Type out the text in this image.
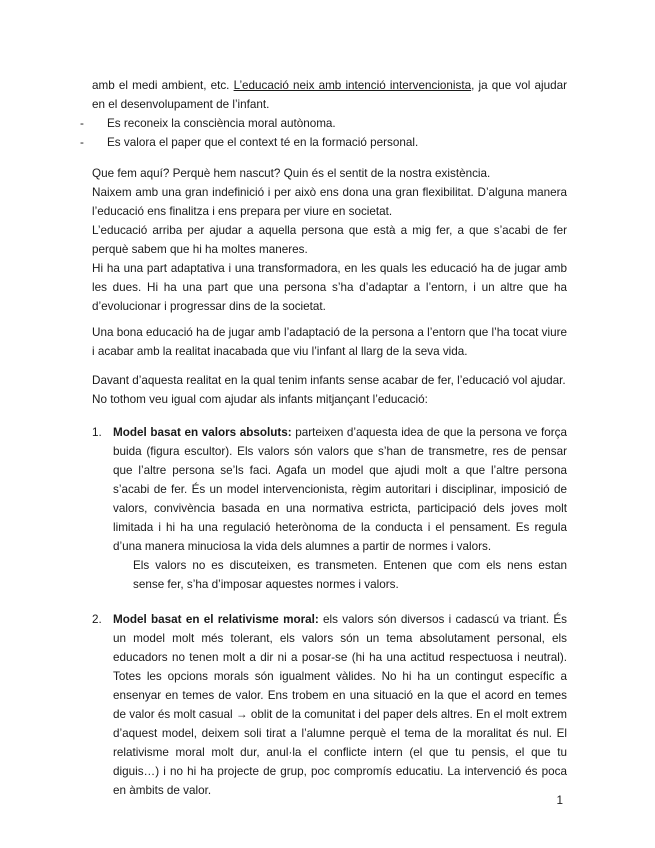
amb el medi ambient, etc. L’educació neix amb intenció intervencionista, ja que vol ajudar en el desenvolupament de l’infant.

-	Es reconeix la consciència moral autònoma.
-	Es valora el paper que el context té en la formació personal.

Que fem aquí? Perquè hem nascut? Quin és el sentit de la nostra existència.

Naixem amb una gran indefinició i per això ens dona una gran flexibilitat. D’alguna manera l’educació ens finalitza i ens prepara per viure en societat.

L’educació arriba per ajudar a aquella persona que està a mig fer, a que s’acabi de fer perquè sabem que hi ha moltes maneres.

Hi ha una part adaptativa i una transformadora, en les quals les educació ha de jugar amb les dues. Hi ha una part que una persona s’ha d’adaptar a l’entorn, i un altre que ha d’evolucionar i progressar dins de la societat.

Una bona educació ha de jugar amb l’adaptació de la persona a l’entorn que l’ha tocat viure i acabar amb la realitat inacabada que viu l’infant al llarg de la seva vida.

Davant d’aquesta realitat en la qual tenim infants sense acabar de fer, l’educació vol ajudar.

No tothom veu igual com ajudar als infants mitjançant l’educació:

1. Model basat en valors absoluts: parteixen d’aquesta idea de que la persona ve força buida (figura escultor). Els valors són valors que s’han de transmetre, res de pensar que l’altre persona se’ls faci. Agafa un model que ajudi molt a que l’altre persona s’acabi de fer. És un model intervencionista, règim autoritari i disciplinar, imposició de valors, convivència basada en una normativa estricta, participació dels joves molt limitada i hi ha una regulació heterònoma de la conducta i el pensament. Es regula d’una manera minuciosa la vida dels alumnes a partir de normes i valors.

Els valors no es discuteixen, es transmeten. Entenen que com els nens estan sense fer, s’ha d’imposar aquestes normes i valors.

2. Model basat en el relativisme moral: els valors són diversos i cadascú va triant. És un model molt més tolerant, els valors són un tema absolutament personal, els educadors no tenen molt a dir ni a posar-se (hi ha una actitud respectuosa i neutral). Totes les opcions morals són igualment vàlides. No hi ha un contingut específic a ensenyar en temes de valor. Ens trobem en una situació en la que el acord en temes de valor és molt casual → oblit de la comunitat i del paper dels altres. En el molt extrem d’aquest model, deixem soli tirat a l’alumne perquè el tema de la moralitat és nul. El relativisme moral molt dur, anul·la el conflicte intern (el que tu pensis, el que tu diguis…) i no hi ha projecte de grup, poc compromís educatiu. La intervenció és poca en àmbits de valor.

1
